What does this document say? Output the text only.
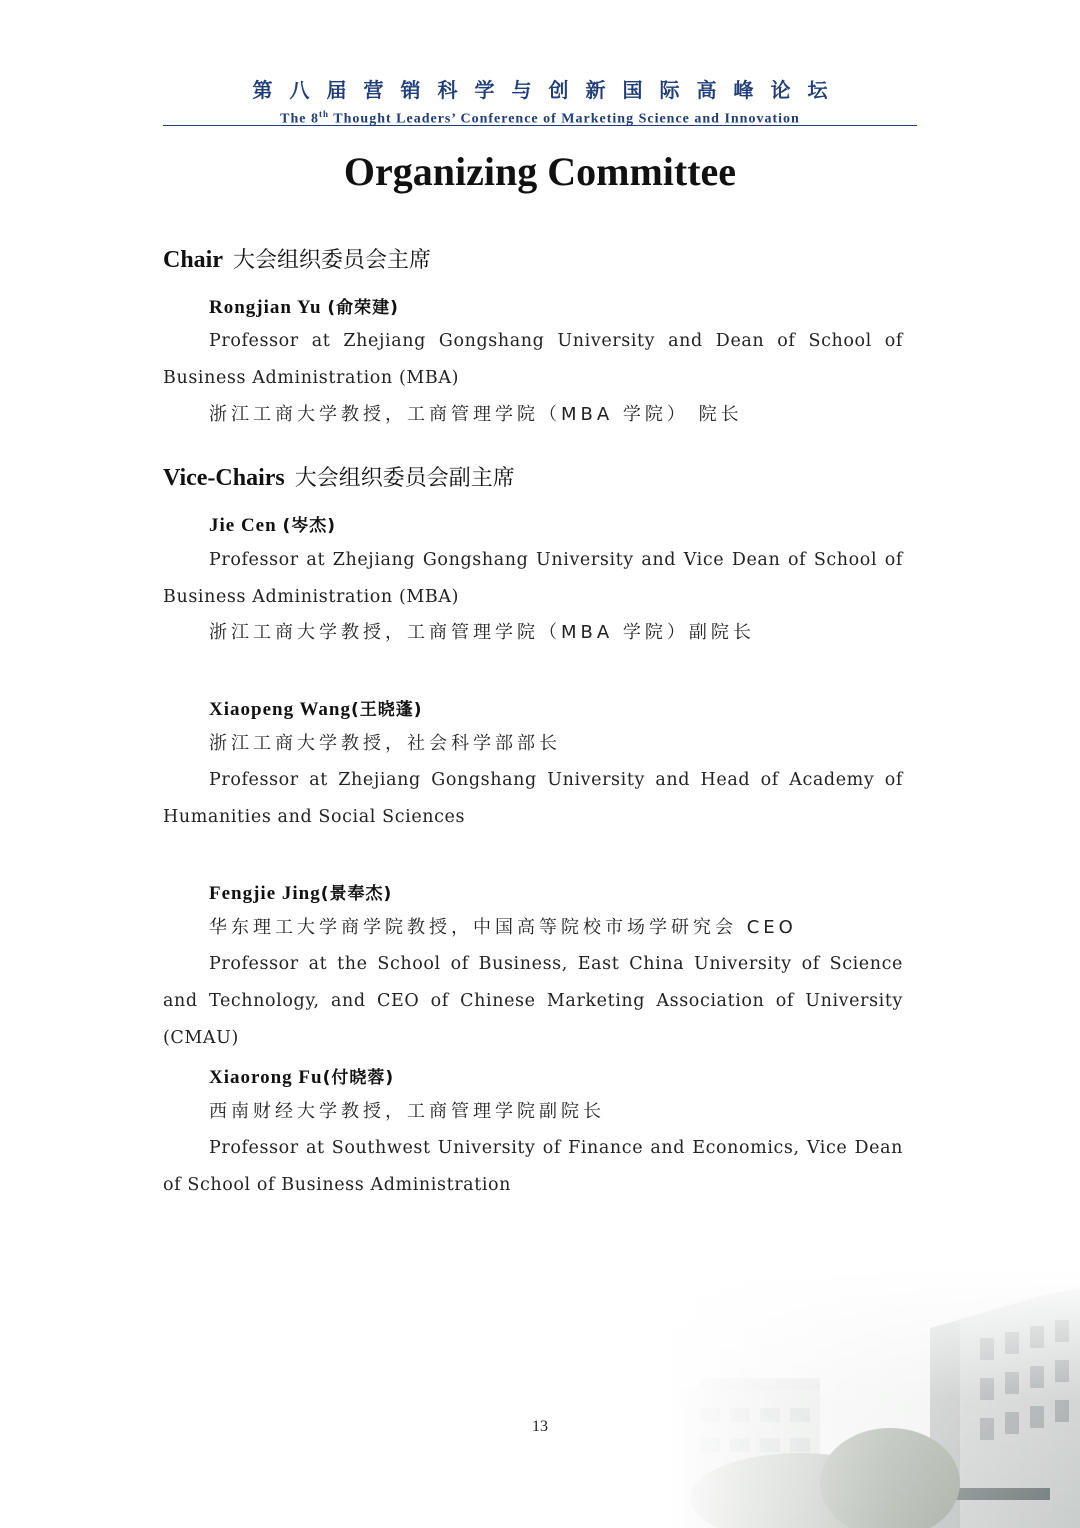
第八届营销科学与创新国际高峰论坛
The 8th Thought Leaders’ Conference of Marketing Science and Innovation
Organizing Committee
Chair 大会组织委员会主席
Rongjian Yu (俞荣建)

Professor at Zhejiang Gongshang University and Dean of School of Business Administration (MBA)

浙江工商大学教授，工商管理学院（MBA 学院） 院长
Vice-Chairs 大会组织委员会副主席
Jie Cen (岑杰)

Professor at Zhejiang Gongshang University and Vice Dean of School of Business Administration (MBA)

浙江工商大学教授，工商管理学院（MBA 学院）副院长
Xiaopeng Wang(王晓蓬)
浙江工商大学教授，社会科学部部长

Professor at Zhejiang Gongshang University and Head of Academy of Humanities and Social Sciences

Fengjie Jing(景奉杰)
华东理工大学商学院教授，中国高等院校市场学研究会 CEO

Professor at the School of Business, East China University of Science and Technology, and CEO of Chinese Marketing Association of University (CMAU)

Xiaorong Fu(付晓蓉)
西南财经大学教授，工商管理学院副院长

Professor at Southwest University of Finance and Economics, Vice Dean of School of Business Administration

13
